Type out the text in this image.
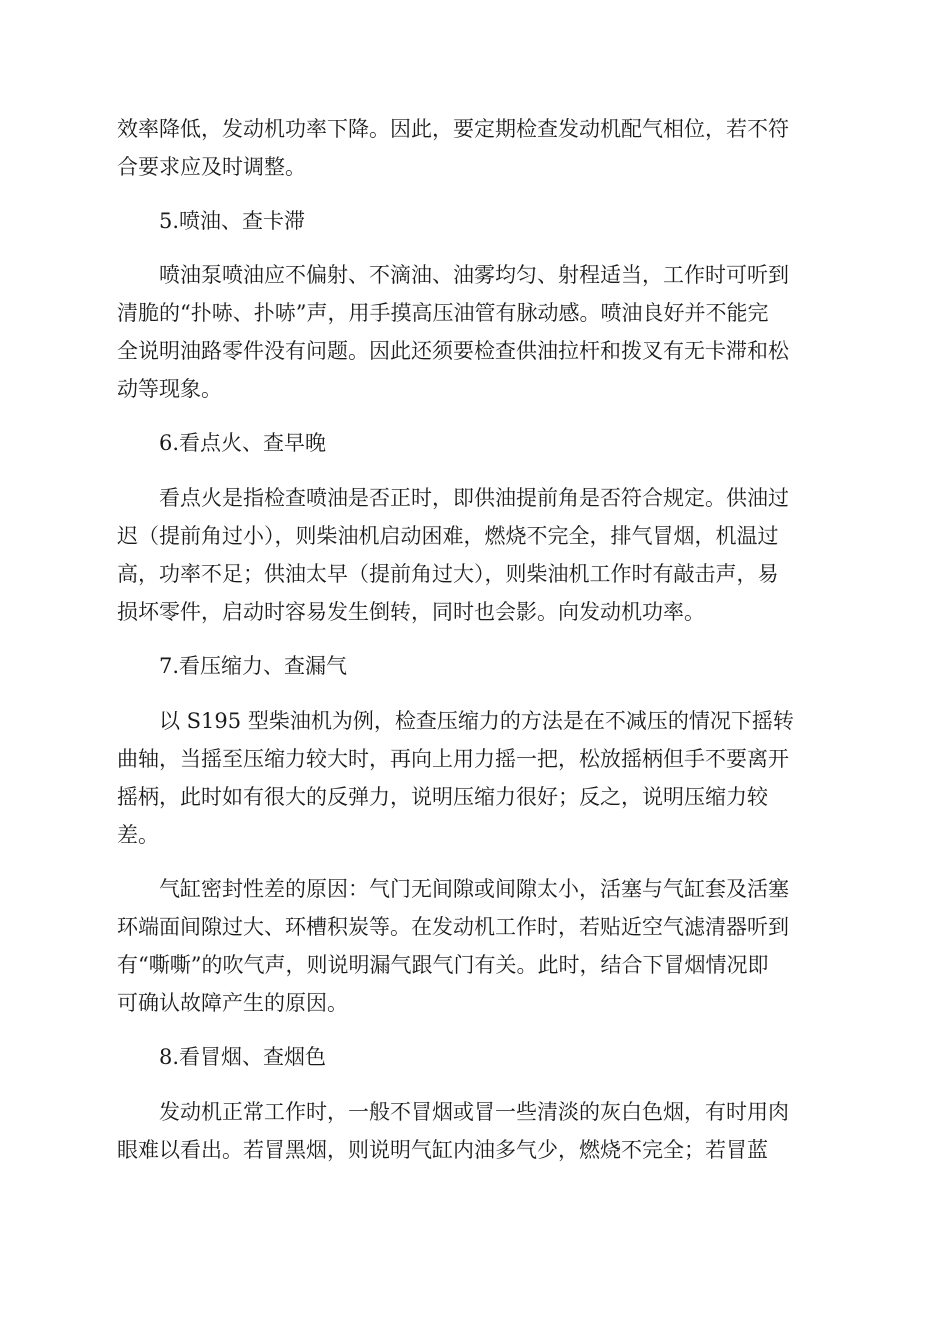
效率降低，发动机功率下降。因此，要定期检查发动机配气相位，若不符
合要求应及时调整。
5.喷油、查卡滞
喷油泵喷油应不偏射、不滴油、油雾均匀、射程适当，工作时可听到
清脆的“扑哧、扑哧”声，用手摸高压油管有脉动感。喷油良好并不能完
全说明油路零件没有问题。因此还须要检查供油拉杆和拨叉有无卡滞和松
动等现象。
6.看点火、查早晚
看点火是指检查喷油是否正时，即供油提前角是否符合规定。供油过
迟（提前角过小），则柴油机启动困难，燃烧不完全，排气冒烟，机温过
高，功率不足；供油太早（提前角过大），则柴油机工作时有敲击声，易
损坏零件，启动时容易发生倒转，同时也会影。向发动机功率。
7.看压缩力、查漏气
以 S195 型柴油机为例，检查压缩力的方法是在不减压的情况下摇转
曲轴，当摇至压缩力较大时，再向上用力摇一把，松放摇柄但手不要离开
摇柄，此时如有很大的反弹力，说明压缩力很好；反之，说明压缩力较
差。
气缸密封性差的原因：气门无间隙或间隙太小，活塞与气缸套及活塞
环端面间隙过大、环槽积炭等。在发动机工作时，若贴近空气滤清器听到
有“嘶嘶”的吹气声，则说明漏气跟气门有关。此时，结合下冒烟情况即
可确认故障产生的原因。
8.看冒烟、查烟色
发动机正常工作时，一般不冒烟或冒一些清淡的灰白色烟，有时用肉
眼难以看出。若冒黑烟，则说明气缸内油多气少，燃烧不完全；若冒蓝
